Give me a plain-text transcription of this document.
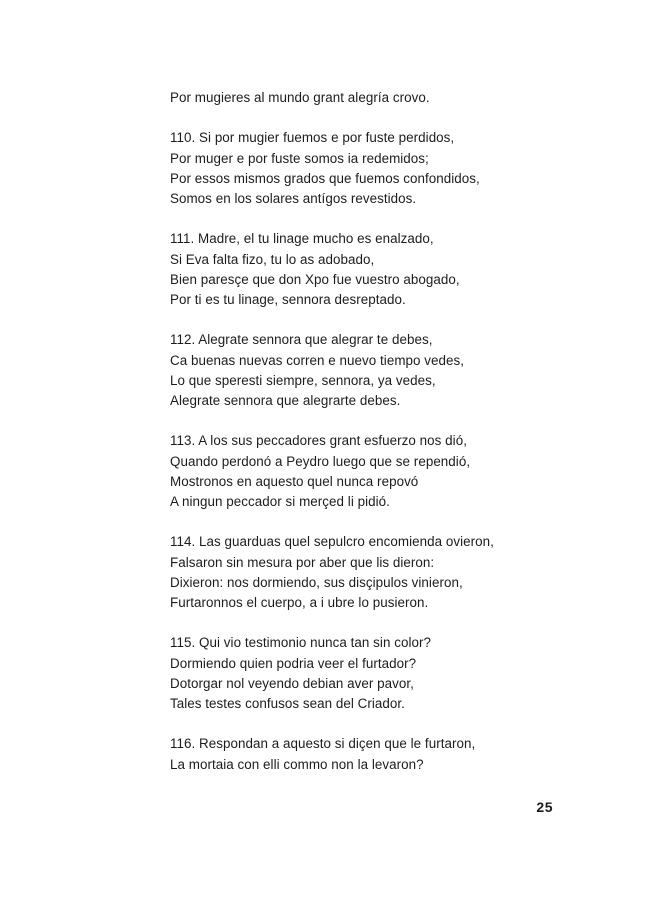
Por mugieres al mundo grant alegría crovo.
110. Si por mugier fuemos e por fuste perdidos,
Por muger e por fuste somos ia redemidos;
Por essos mismos grados que fuemos confondidos,
Somos en los solares antígos revestidos.
111. Madre, el tu linage mucho es enalzado,
Si Eva falta fizo, tu lo as adobado,
Bien paresçe que don Xpo fue vuestro abogado,
Por ti es tu linage, sennora desreptado.
112. Alegrate sennora que alegrar te debes,
Ca buenas nuevas corren e nuevo tiempo vedes,
Lo que speresti siempre, sennora, ya vedes,
Alegrate sennora que alegrarte debes.
113. A los sus peccadores grant esfuerzo nos dió,
Quando perdonó a Peydro luego que se rependió,
Mostronos en aquesto quel nunca repovó
A ningun peccador si merçed li pidió.
114. Las guarduas quel sepulcro encomienda ovieron,
Falsaron sin mesura por aber que lis dieron:
Dixieron: nos dormiendo, sus disçipulos vinieron,
Furtaronnos el cuerpo, a i ubre lo pusieron.
115. Qui vio testimonio nunca tan sin color?
Dormiendo quien podria veer el furtador?
Dotorgar nol veyendo debian aver pavor,
Tales testes confusos sean del Criador.
116. Respondan a aquesto si diçen que le furtaron,
La mortaia con elli commo non la levaron?
25
